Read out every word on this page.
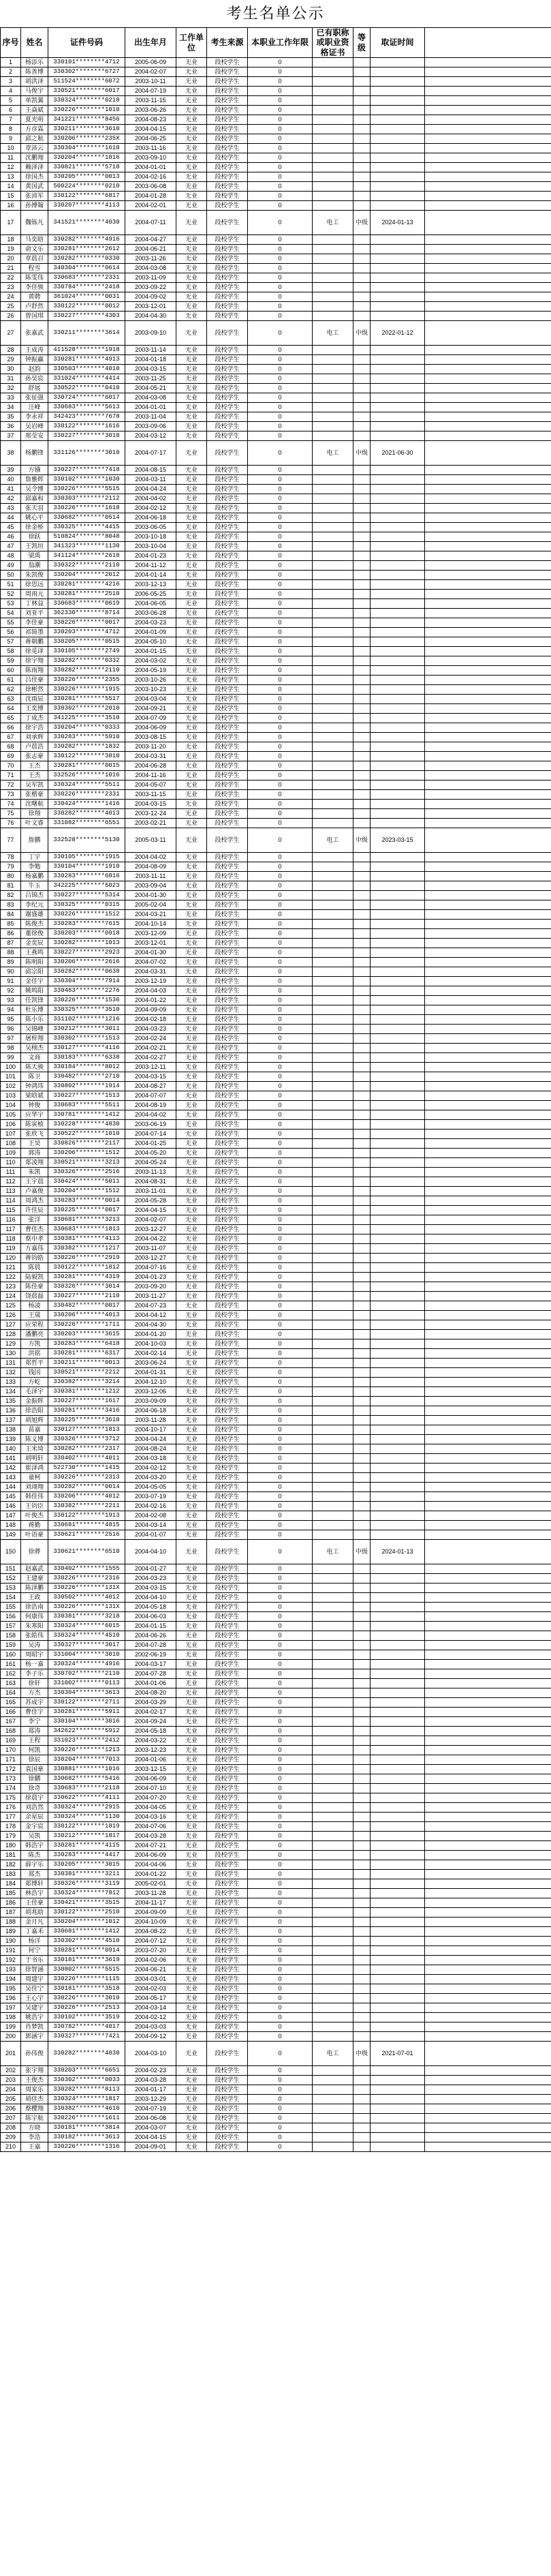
考生名单公示
序号	姓名	证件号码	出生年月	工作单位	考生来源	本职业工作年限	已有职称或职业资格证书	等级	取证时间	
1	杨添乐	330101********4712	2005-06-09	无业	段校学生	0				
2	陈善博	330302********6727	2004-02-07	无业	段校学生	0				
3	胡洪泽	511524********6072	2003-10-11	无业	段校学生	0				
4	马俊宇	330521********6017	2004-07-19	无业	段校学生	0				
5	单凯翼	330324********0218	2003-11-15	无业	段校学生	0				
6	王焱斌	330226********1010	2003-06-26	无业	段校学生	0				
7	夏光明	341221********8456	2004-08-23	无业	段校学生	0				
8	方彦霖	330211********3610	2004-04-15	无业	段校学生	0				
9	邱之航	330206********235X	2004-06-25	无业	段校学生	0				
10	章沛云	330304********1610	2003-11-16	无业	段校学生	0				
11	沈鹏翔	330204********1016	2003-09-10	无业	段校学生	0				
12	赖泽泽	330821********5718	2004-01-01	无业	段校学生	0				
13	徐国杰	330205********0013	2004-02-16	无业	段校学生	0				
14	黄国武	500224********0210	2003-06-08	无业	段校学生	0				
15	张沛军	330122********6817	2004-01-28	无业	段校学生	0				
16	孙博翰	330207********4113	2004-02-01	无业	段校学生	0				
17	魏铄凡	341521********4030	2004-07-11	无业	段校学生	0	电工	中级	2024-01-13	
18	马奕晗	330282********4916	2004-04-27	无业	段校学生	0				
19	俞文乐	330281********2612	2004-06-21	无业	段校学生	0				
20	章晨召	330282********0330	2003-11-26	无业	段校学生	0				
21	程雪	340304********0614	2004-03-08	无业	段校学生	0				
22	陈雯伟	330683********2331	2003-11-09	无业	段校学生	0				
23	李佳骏	330784********2418	2003-09-22	无业	段校学生	0				
24	黄聘	361024********0031	2004-09-02	无业	段校学生	0				
25	卢舒然	330122********0012	2003-12-01	无业	段校学生	0				
26	曾国琪	330227********4303	2004-04-30	无业	段校学生	0				
27	张嘉武	330211********3614	2003-09-10	无业	段校学生	0	电工	中级	2022-01-12	
28	王成涛	411528********1918	2003-11-14	无业	段校学生	0				
29	钟振赢	330281********4913	2004-01-18	无业	段校学生	0				
30	赵韵	330503********4010	2004-03-15	无业	段校学生	0				
31	孙昊宸	331024********4414	2003-11-25	无业	段校学生	0				
32	舒展	330522********0410	2004-05-21	无业	段校学生	0				
33	张征强	330724********6017	2004-03-08	无业	段校学生	0				
34	汪峰	330683********5613	2004-01-01	无业	段校学生	0				
35	李永祥	342423********7678	2003-11-04	无业	段校学生	0				
36	吴岩峰	330122********1616	2003-09-06	无业	段校学生	0				
37	邢莹安	330227********3010	2004-03-12	无业	段校学生	0				
38	杨鹏锋	331126********3010	2004-07-17	无业	段校学生	0	电工	中级	2021-06-30	
39	方镪	330227********7418	2004-08-15	无业	段校学生	0				
40	詹雅晖	330102********1030	2004-03-11	无业	段校学生	0				
41	吴令博	330226********5515	2004-04-24	无业	段校学生	0				
42	邱嘉和	330303********2112	2004-04-02	无业	段校学生	0				
43	张天羽	330226********1618	2004-02-12	无业	段校学生	0				
44	姚心平	330682********0514	2004-06-18	无业	段校学生	0				
45	徐金桥	330325********4415	2003-06-05	无业	段校学生	0				
46	徐跃	510824********8048	2003-10-18	无业	段校学生	0				
47	王凯垣	341323********1130	2003-10-04	无业	段校学生	0				
48	梁禹	341124********2610	2004-01-23	无业	段校学生	0				
49	翁潮	330322********2110	2004-11-12	无业	段校学生	0				
50	朱凯俊	330204********2012	2004-01-14	无业	段校学生	0				
51	徐思远	330281********4216	2003-12-13	无业	段校学生	0				
52	周雨元	330281********2510	2006-05-25	无业	段校学生	0				
53	丁林益	330683********0619	2004-06-05	无业	段校学生	0				
54	刘亚平	362330********8714	2003-06-28	无业	段校学生	0				
55	李佳豪	330226********0017	2004-03-23	无业	段校学生	0				
56	祁简墨	330203********4712	2004-01-09	无业	段校学生	0				
57	蒋朝鹏	330205********0515	2004-05-10	无业	段校学生	0				
58	徐觅译	330105********2749	2004-01-15	无业	段校学生	0				
59	徐宇翔	330282********0332	2004-03-02	无业	段校学生	0				
60	陈雨翔	330282********2110	2004-05-19	无业	段校学生	0				
61	吕佳豪	330226********2355	2003-10-26	无业	段校学生	0				
62	徐彬然	330226********1915	2003-10-23	无业	段校学生	0				
63	沈雨辰	330281********5517	2004-03-04	无业	段校学生	0				
64	王奕博	330302********2010	2004-09-21	无业	段校学生	0				
65	丁成杰	341225********3510	2004-07-09	无业	段校学生	0				
66	徐宇浩	330204********0333	2004-06-09	无业	段校学生	0				
67	刘承辉	330283********5910	2003-08-15	无业	段校学生	0				
68	卢晨浩	330282********1832	2003-11-20	无业	段校学生	0				
69	张志豪	330122********3810	2004-03-31	无业	段校学生	0				
70	王杰	330281********0015	2004-06-28	无业	段校学生	0				
71	王杰	332526********1016	2004-11-16	无业	段校学生	0				
72	吴军凯	330324********5511	2004-05-07	无业	段校学生	0				
73	张楷豪	330226********2331	2003-11-15	无业	段校学生	0				
74	沈曙航	330424********1416	2004-03-15	无业	段校学生	0				
75	徐翔	330282********4013	2003-12-24	无业	段校学生	0				
76	叶文睿	331082********6551	2003-02-21	无业	段校学生	0				
77	詹鹏	332528********5130	2005-03-11	无业	段校学生	0	电工	中级	2023-03-15	
78	丁宇	330105********1915	2004-04-02	无业	段校学生	0				
79	李勉	330104********1910	2004-08-09	无业	段校学生	0				
80	杨嘉鹏	330283********6816	2003-11-11	无业	段校学生	0				
81	牛玉	342225********5023	2003-09-04	无业	段校学生	0				
82	吕锦杰	330227********5314	2004-01-30	无业	段校学生	0				
83	李纪元	330325********0315	2005-02-04	无业	段校学生	0				
84	谢盛雄	330226********1512	2004-03-21	无业	段校学生	0				
85	陈俊杰	330283********7615	2004-10-14	无业	段校学生	0				
86	董徐俊	330203********0918	2003-12-09	无业	段校学生	0				
87	金奕辰	330282********1013	2003-12-01	无业	段校学生	0				
88	王燕鸣	330227********2923	2004-01-30	无业	段校学生	0				
89	陈明阳	330206********2616	2004-07-02	无业	段校学生	0				
90	邱宗阳	330282********0638	2004-03-31	无业	段校学生	0				
91	金佳宇	330304********7914	2003-12-19	无业	段校学生	0				
92	姚鸣阳	330483********2276	2004-04-03	无业	段校学生	0				
93	任凯锋	330226********1536	2004-01-22	无业	段校学生	0				
94	杜乐博	330325********3510	2004-09-09	无业	段校学生	0				
95	陈小乐	331102********1216	2004-02-18	无业	段校学生	0				
96	吴锦峰	330212********3011	2004-03-23	无业	段校学生	0				
97	屠梓翔	330302********1513	2004-02-24	无业	段校学生	0				
98	吴栩杰	330127********4116	2004-02-21	无业	段校学生	0				
99	文商	330183********6338	2004-02-27	无业	段校学生	0				
100	陈天骏	330184********8012	2003-12-11	无业	段校学生	0				
101	陈卫	330482********2710	2004-03-15	无业	段校学生	0				
102	钟鸿玮	330802********1914	2004-08-27	无业	段校学生	0				
103	梁晗斌	330227********1513	2004-07-07	无业	段校学生	0				
104	钟俊	330683********5511	2004-08-19	无业	段校学生	0				
105	应华宇	330781********1412	2004-04-02	无业	段校学生	0				
106	陈寅桢	330228********4830	2003-06-19	无业	段校学生	0				
107	张欣飞	330522********1010	2004-07-14	无业	段校学生	0				
108	王昊	330826********2117	2004-01-25	无业	段校学生	0				
109	郭涛	330206********1512	2004-05-20	无业	段校学生	0				
110	郑凌翔	330521********3213	2004-05-24	无业	段校学生	0				
111	朱凯	330326********2516	2003-11-13	无业	段校学生	0				
112	王宇晨	330424********5011	2004-08-31	无业	段校学生	0				
113	卢嘉俊	330204********1512	2003-11-01	无业	段校学生	0				
114	周鸿杰	330283********0014	2004-05-28	无业	段校学生	0				
115	许佳辰	330225********0017	2004-04-15	无业	段校学生	0				
116	张洋	330681********3213	2004-02-07	无业	段校学生	0				
117	曹佳杰	330683********1813	2003-12-27	无业	段校学生	0				
118	蔡中孝	330381********4113	2004-04-22	无业	段校学生	0				
119	方嘉伟	330382********1217	2003-11-07	无业	段校学生	0				
120	蒋钧皓	330226********2919	2003-12-27	无业	段校学生	0				
121	陈晨	330122********1812	2004-07-16	无业	段校学生	0				
122	陆毅凯	330281********4319	2004-01-23	无业	段校学生	0				
123	陈佳豪	330326********3014	2003-09-20	无业	段校学生	0				
124	饶晨磊	330227********2110	2003-11-27	无业	段校学生	0				
125	杨凌	330482********0017	2004-07-23	无业	段校学生	0				
126	王晟	330206********4013	2004-04-12	无业	段校学生	0				
127	应荣程	330226********1711	2004-04-30	无业	段校学生	0				
128	潘鹏亮	330203********3615	2004-01-20	无业	段校学生	0				
129	方凯	330283********6418	2004-10-03	无业	段校学生	0				
130	洪铭	330281********6317	2004-02-14	无业	段校学生	0				
131	郑哲平	330211********0013	2003-06-24	无业	段校学生	0				
132	钱国	330521********2212	2004-01-31	无业	段校学生	0				
133	方屹	330382********3214	2004-12-10	无业	段校学生	0				
134	毛泽宇	330381********1212	2003-12-06	无业	段校学生	0				
135	金振晖	330227********1617	2003-09-09	无业	段校学生	0				
136	徐浩阳	330281********3416	2004-06-18	无业	段校学生	0				
137	胡旭辉	330225********3610	2003-11-28	无业	段校学生	0				
138	苗嘉	330127********1813	2004-10-17	无业	段校学生	0				
139	陈义博	330326********3712	2004-04-24	无业	段校学生	0				
140	王米琦	330282********2317	2004-08-24	无业	段校学生	0				
141	胡明轩	330402********4011	2004-03-18	无业	段校学生	0				
142	崔泽鸿	522730********1415	2004-02-12	无业	段校学生	0				
143	童柯	330226********2313	2004-03-20	无业	段校学生	0				
144	刘翊翔	330282********0014	2004-05-05	无业	段校学生	0				
145	韩佳伟	330206********4012	2003-07-19	无业	段校学生	0				
146	王钧臣	330382********2211	2004-02-16	无业	段校学生	0				
147	叶俊杰	330122********1913	2004-02-08	无业	段校学生	0				
148	蒋勤	330681********4815	2004-03-14	无业	段校学生	0				
149	叶语豪	330621********2516	2004-01-07	无业	段校学生	0				
150	徐骅	330621********6510	2004-04-10	无业	段校学生	0	电工	中级	2024-01-13	
151	赵嘉武	330402********1555	2004-01-27	无业	段校学生	0				
152	王建豪	330226********2316	2004-03-23	无业	段校学生	0				
153	陈泽鹏	330226********131X	2004-03-15	无业	段校学生	0				
154	王政	330502********4012	2004-04-10	无业	段校学生	0				
155	徐浩南	330226********131X	2004-05-18	无业	段校学生	0				
156	何康伟	330381********3218	2004-06-03	无业	段校学生	0				
157	朱寒阳	330324********6015	2004-01-15	无业	段校学生	0				
158	张皓伟	330324********4510	2004-06-26	无业	段校学生	0				
159	吴涛	330327********3017	2004-07-28	无业	段校学生	0				
160	周昭宇	331004********3010	2002-06-19	无业	段校学生	0				
161	杨一嘉	330324********4916	2004-03-17	无业	段校学生	0				
162	李子乐	330702********2110	2004-07-28	无业	段校学生	0				
163	徐轩	331002********0113	2004-01-06	无业	段校学生	0				
164	方杰	330304********3613	2004-08-20	无业	段校学生	0				
165	苏成宇	330122********2711	2004-03-29	无业	段校学生	0				
166	曹佳宇	330281********5911	2004-02-17	无业	段校学生	0				
167	李宁	330104********3016	2004-09-24	无业	段校学生	0				
168	郑涛	342622********5912	2004-05-18	无业	段校学生	0				
169	王程	331023********2412	2004-03-22	无业	段校学生	0				
170	何凯	330226********1213	2003-12-23	无业	段校学生	0				
171	徐辰	330204********7013	2004-01-06	无业	段校学生	0				
172	袁国豪	330881********1016	2003-12-15	无业	段校学生	0				
173	徐鹏	330682********5416	2004-06-09	无业	段校学生	0				
174	徐奇	330683********2118	2004-07-10	无业	段校学生	0				
175	徐晨宇	330622********4111	2004-07-20	无业	段校学生	0				
176	刘浩然	330324********2915	2004-04-05	无业	段校学生	0				
177	余星辰	330324********1130	2004-03-16	无业	段校学生	0				
178	金宇宸	330122********1819	2004-07-06	无业	段校学生	0				
179	吴凯	330212********1817	2004-03-28	无业	段校学生	0				
180	韩浩宇	330281********4115	2004-07-21	无业	段校学生	0				
181	陈杰	330283********4417	2004-06-09	无业	段校学生	0				
182	薛宇乐	330205********3015	2004-04-06	无业	段校学生	0				
183	郑杰	330381********3211	2004-01-22	无业	段校学生	0				
184	郑博轩	330326********3119	2005-02-01	无业	段校学生	0				
185	林浩宇	330324********7812	2003-11-28	无业	段校学生	0				
186	王佳豪	330421********3515	2004-11-17	无业	段校学生	0				
187	胡兆晗	330122********2510	2004-09-09	无业	段校学生	0				
188	金月凡	330204********1012	2004-10-09	无业	段校学生	0				
189	丁嘉禾	330681********1412	2004-08-22	无业	段校学生	0				
190	杨洋	330302********4510	2004-07-12	无业	段校学生	0				
191	何宁	330281********0914	2003-07-20	无业	段校学生	0				
192	于书乐	330181********3619	2004-02-06	无业	段校学生	0				
193	徐智涵	330802********5515	2004-06-21	无业	段校学生	0				
194	周建宇	330226********1115	2004-03-01	无业	段校学生	0				
195	吴佳宁	330181********3518	2004-02-03	无业	段校学生	0				
196	王心宇	330226********3010	2004-05-17	无业	段校学生	0				
197	吴建宇	330226********2513	2004-03-14	无业	段校学生	0				
198	姚浩宇	330102********3519	2004-02-12	无业	段校学生	0				
199	肖梦凯	330782********4017	2004-03-03	无业	段校学生	0				
200	郭涵宇	330327********7421	2004-09-12	无业	段校学生	0				
201	孙伟俊	330282********4030	2004-03-10	无业	段校学生	0	电工	中级	2021-07-01	
202	张宇翔	330203********6651	2004-02-23	无业	段校学生	0				
203	王俊杰	330302********0033	2004-03-28	无业	段校学生	0				
204	周家乐	330282********8113	2004-01-17	无业	段校学生	0				
205	胡佳杰	330324********1817	2003-12-29	无业	段校学生	0				
206	蔡樱翔	330382********4610	2004-07-19	无业	段校学生	0				
207	陈宇航	330226********1611	2004-06-08	无业	段校学生	0				
208	方晓	330181********3814	2004-03-07	无业	段校学生	0				
209	李浩	330182********3613	2004-04-15	无业	段校学生	0				
210	王嘉	330226********1316	2004-09-01	无业	段校学生	0				
